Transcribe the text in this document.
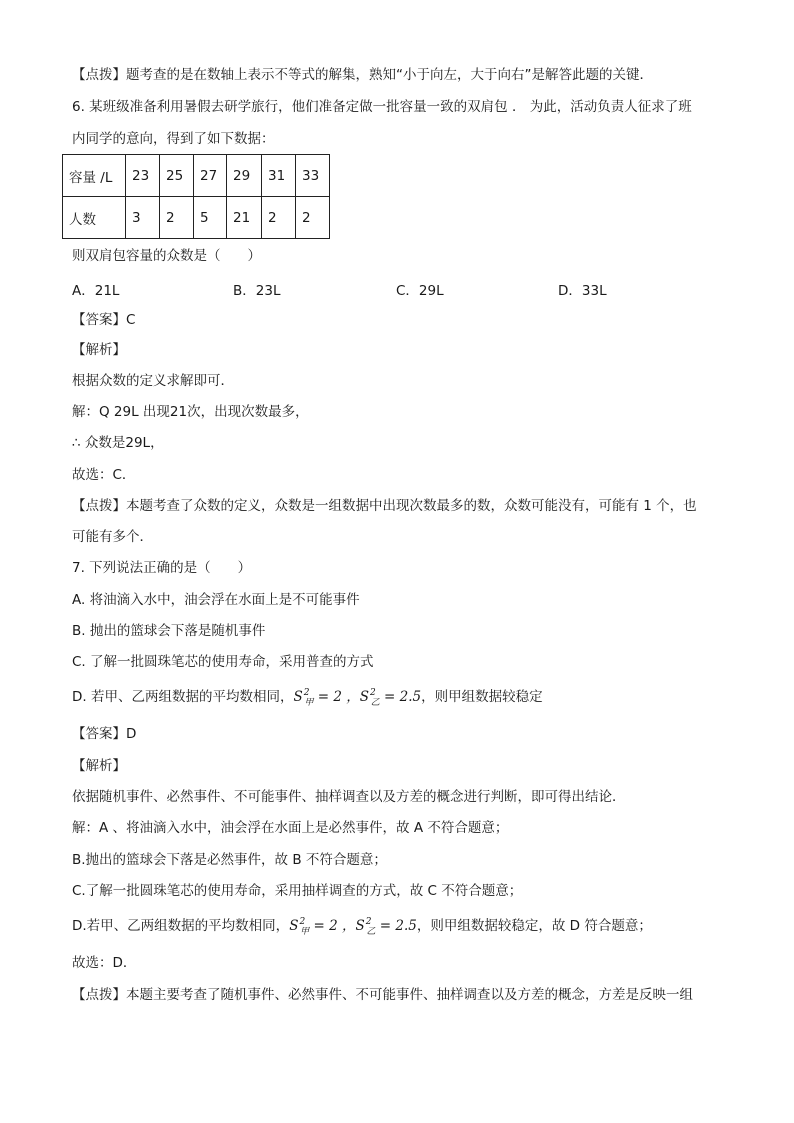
【点拨】题考查的是在数轴上表示不等式的解集，熟知“小于向左，大于向右”是解答此题的关键．
6. 某班级准备利用暑假去研学旅行，他们准备定做一批容量一致的双肩包 ． 为此，活动负责人征求了班
内同学的意向，得到了如下数据：
容量 /L	23	25	27	29	31	33
人数	3	2	5	21	2	2
则双肩包容量的众数是（　　）
A．21L	B．23L	C．29L	D．33L
【答案】C
【解析】
根据众数的定义求解即可．
解：Q 29L 出现21次，出现次数最多，
∴ 众数是29L，
故选：C．
【点拨】本题考查了众数的定义，众数是一组数据中出现次数最多的数，众数可能没有，可能有 1 个，也
可能有多个．
7. 下列说法正确的是（　　）
A. 将油滴入水中，油会浮在水面上是不可能事件
B. 抛出的篮球会下落是随机事件
C. 了解一批圆珠笔芯的使用寿命，采用普查的方式
D. 若甲、乙两组数据的平均数相同，$S^2_甲 = 2$ ，$S^2_乙 = 2.5$，则甲组数据较稳定
【答案】D
【解析】
依据随机事件、必然事件、不可能事件、抽样调查以及方差的概念进行判断，即可得出结论．
解：A 、将油滴入水中，油会浮在水面上是必然事件，故 A 不符合题意；
B.抛出的篮球会下落是必然事件，故 B 不符合题意；
C.了解一批圆珠笔芯的使用寿命，采用抽样调查的方式，故 C 不符合题意；
D.若甲、乙两组数据的平均数相同，$S^2_甲 = 2$ ，$S^2_乙 = 2.5$，则甲组数据较稳定，故 D 符合题意；
故选：D．
【点拨】本题主要考查了随机事件、必然事件、不可能事件、抽样调查以及方差的概念，方差是反映一组
